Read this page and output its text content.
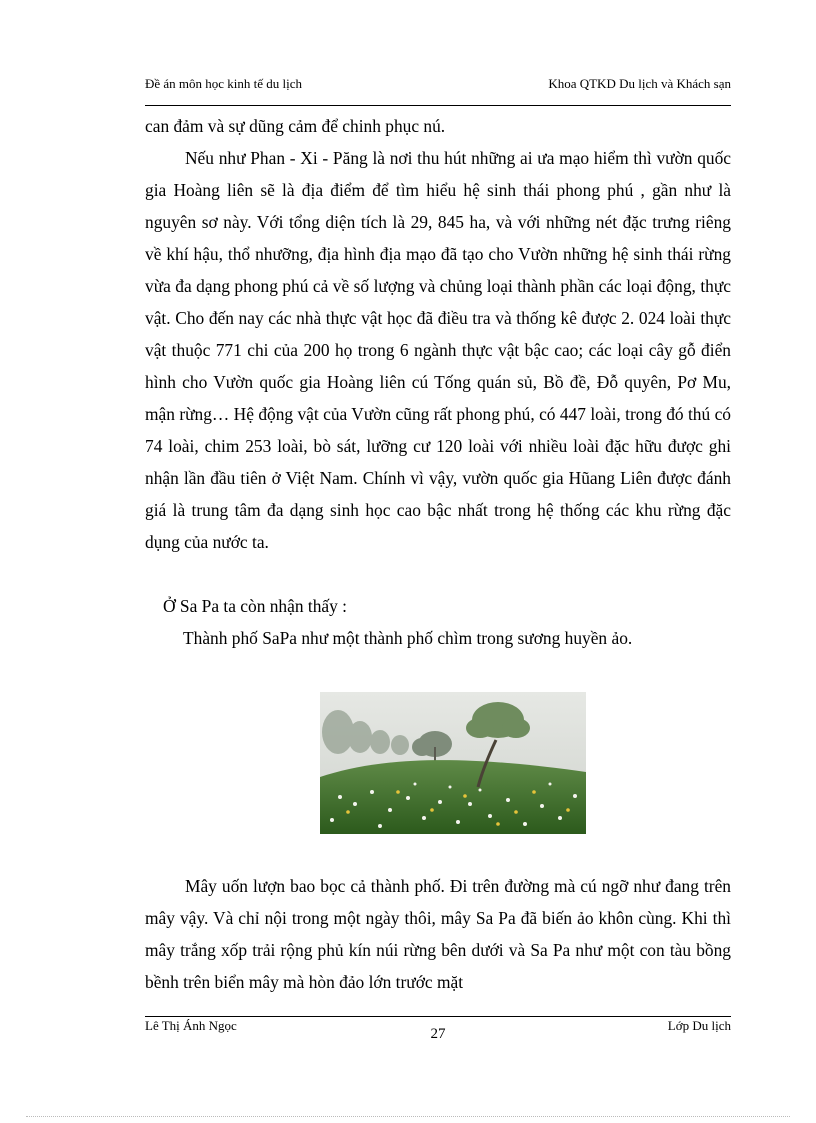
Đề án môn học kinh tế du lịch	Khoa QTKD Du lịch và Khách sạn

can đảm và sự dũng cảm để chinh phục nú.

Nếu như Phan - Xi - Păng là nơi thu hút những ai ưa mạo hiểm thì vườn quốc gia Hoàng liên sẽ là địa điểm để tìm hiểu hệ sinh thái phong phú , gần như là nguyên sơ này. Với tổng diện tích là 29, 845 ha, và với những nét đặc trưng riêng về khí hậu, thổ nhưỡng, địa hình địa mạo đã tạo cho Vườn những hệ sinh thái rừng vừa đa dạng phong phú cả về số lượng và chủng loại thành phần các loại động, thực vật. Cho đến nay các nhà thực vật học đã điều tra và thống kê được 2. 024 loài thực vật thuộc 771 chi của 200 họ trong 6 ngành thực vật bậc cao; các loại cây gỗ điển hình cho Vườn quốc gia Hoàng liên cú Tống quán sủ, Bồ đề, Đỗ quyên, Pơ Mu, mận rừng… Hệ động vật của Vườn cũng rất phong phú, có 447 loài, trong đó thú có 74 loài, chim 253 loài, bò sát, lưỡng cư 120 loài với nhiều loài đặc hữu được ghi nhận lần đầu tiên ở Việt Nam. Chính vì vậy, vườn quốc gia Hũang Liên được đánh giá là trung tâm đa dạng sinh học cao bậc nhất trong hệ thống các khu rừng đặc dụng của nước ta.

Ở Sa Pa ta còn nhận thấy :

Thành phố SaPa như một thành phố chìm trong sương huyền ảo.

Mây uốn lượn bao bọc cả thành phố. Đi trên đường mà cú ngỡ như đang trên mây vậy. Và chỉ nội trong một ngày thôi, mây Sa Pa đã biến ảo khôn cùng. Khi thì mây trắng xốp trải rộng phủ kín núi rừng bên dưới và Sa Pa như một con tàu bồng bềnh trên biển mây mà hòn đảo lớn trước mặt

Lê Thị Ánh Ngọc
27
Lớp Du lịch
